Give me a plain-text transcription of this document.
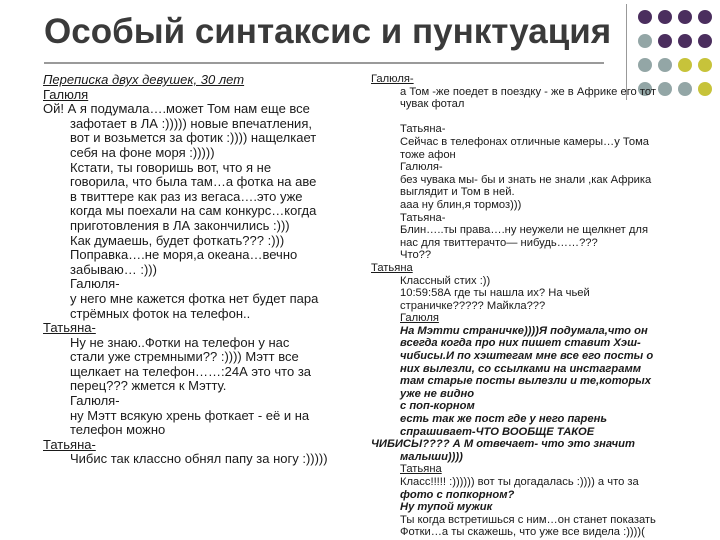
Особый синтаксис и пунктуация
Переписка двух девушек, 30 лет
Галюля
Ой! А я подумала….может Том нам еще все
зафотает в ЛА :))))) новые впечатления,
вот и возьмется за фотик :)))) нащелкает
себя на фоне моря :)))))
Кстати, ты говоришь вот, что я не
говорила, что была там…а фотка на аве
в твиттере как раз из вегаса….это уже
когда мы поехали на сам конкурс…когда
приготовления в ЛА закончились :)))
Как думаешь, будет фоткать??? :)))
Поправка….не моря,а океана…вечно
забываю… :)))
Галюля-
у него мне кажется фотка нет будет пара
стрёмных фоток на телефон..
Татьяна-
Ну не знаю..Фотки на телефон у нас
стали уже стремными?? :)))) Мэтт все
щелкает на телефон……:24А это что за
перец??? жмется к Мэтту.
Галюля-
ну Мэтт всякую хрень фоткает - её и на
телефон можно
Татьяна-
Чибис так классно обнял папу за ногу :)))))
Галюля-
а Том -же поедет в поездку - же в Африке его тот
чувак фотал

Татьяна-
Сейчас в телефонах отличные камеры…у Тома
тоже афон
Галюля-
без чувака мы- бы и знать не знали ,как Африка
выглядит и Том в ней.
ааа ну блин,я тормоз)))
Татьяна-
Блин…..ты права….ну неужели не щелкнет для
нас для твиттерачто— нибудь……???
Что??
Татьяна
Классный стих :))
10:59:58А где ты нашла их? На чьей
страничке????? Майкла???
Галюля
На Мэтти страничке))))Я подумала,что он
всегда когда про них пишет ставит Хэш-
чибисы.И по хэштегам мне все его посты о
них вылезли, со ссылками на инстаграмм
там старые посты вылезли и те,которых
уже не видно
с поп-корном
есть так же пост где у него парень
спрашивает-ЧТО ВООБЩЕ ТАКОЕ
ЧИБИСЫ???? А М отвечает- что это значит
малыши))))
Татьяна
Класс!!!!! :)))))) вот ты догадалась :)))) а что за
фото с попкорном?
Ну тупой мужик
Ты когда встретишься с ним…он станет показать
Фотки…а ты скажешь, что уже все видела :))))(
